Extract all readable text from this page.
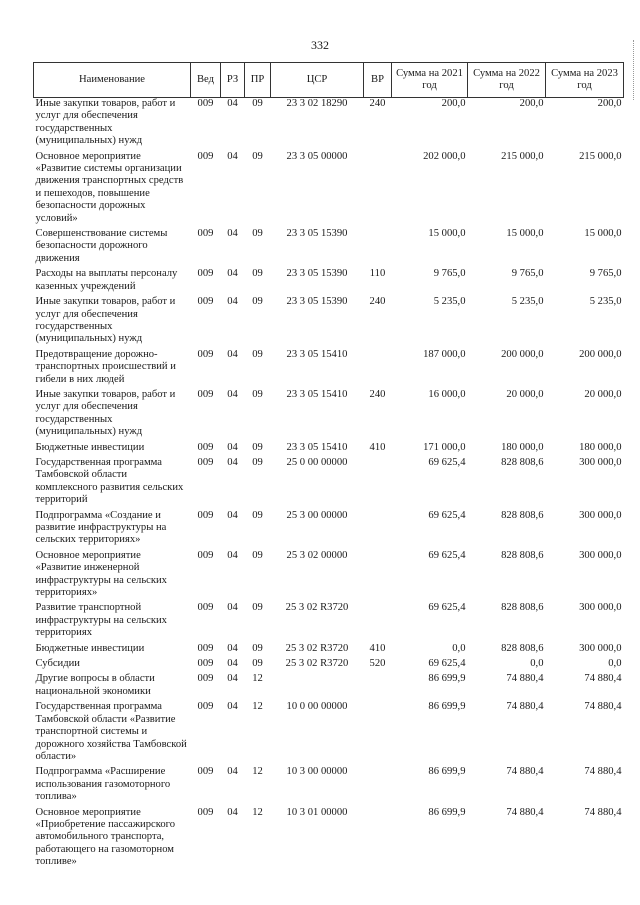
332
Наименование	Вед	РЗ	ПР	ЦСР	ВР	Сумма на 2021 год	Сумма на 2022 год	Сумма на 2023 год
Иные закупки товаров, работ и услуг для обеспечения государственных (муниципальных) нужд	009	04	09	23 3 02 18290	240	200,0	200,0	200,0
Основное мероприятие «Развитие системы организации движения транспортных средств и пешеходов, повышение безопасности дорожных условий»	009	04	09	23 3 05 00000		202 000,0	215 000,0	215 000,0
Совершенствование системы безопасности дорожного движения	009	04	09	23 3 05 15390		15 000,0	15 000,0	15 000,0
Расходы на выплаты персоналу казенных учреждений	009	04	09	23 3 05 15390	110	9 765,0	9 765,0	9 765,0
Иные закупки товаров, работ и услуг для обеспечения государственных (муниципальных) нужд	009	04	09	23 3 05 15390	240	5 235,0	5 235,0	5 235,0
Предотвращение дорожно-транспортных происшествий и гибели в них людей	009	04	09	23 3 05 15410		187 000,0	200 000,0	200 000,0
Иные закупки товаров, работ и услуг для обеспечения государственных (муниципальных) нужд	009	04	09	23 3 05 15410	240	16 000,0	20 000,0	20 000,0
Бюджетные инвестиции	009	04	09	23 3 05 15410	410	171 000,0	180 000,0	180 000,0
Государственная программа Тамбовской области комплексного развития сельских территорий	009	04	09	25 0 00 00000		69 625,4	828 808,6	300 000,0
Подпрограмма «Создание и развитие инфраструктуры на сельских территориях»	009	04	09	25 3 00 00000		69 625,4	828 808,6	300 000,0
Основное мероприятие «Развитие инженерной инфраструктуры на сельских территориях»	009	04	09	25 3 02 00000		69 625,4	828 808,6	300 000,0
Развитие транспортной инфраструктуры на сельских территориях	009	04	09	25 3 02 R3720		69 625,4	828 808,6	300 000,0
Бюджетные инвестиции	009	04	09	25 3 02 R3720	410	0,0	828 808,6	300 000,0
Субсидии	009	04	09	25 3 02 R3720	520	69 625,4	0,0	0,0
Другие вопросы в области национальной экономики	009	04	12			86 699,9	74 880,4	74 880,4
Государственная программа Тамбовской области «Развитие транспортной системы и дорожного хозяйства Тамбовской области»	009	04	12	10 0 00 00000		86 699,9	74 880,4	74 880,4
Подпрограмма «Расширение использования газомоторного топлива»	009	04	12	10 3 00 00000		86 699,9	74 880,4	74 880,4
Основное мероприятие «Приобретение пассажирского автомобильного транспорта, работающего на газомоторном топливе»	009	04	12	10 3 01 00000		86 699,9	74 880,4	74 880,4
